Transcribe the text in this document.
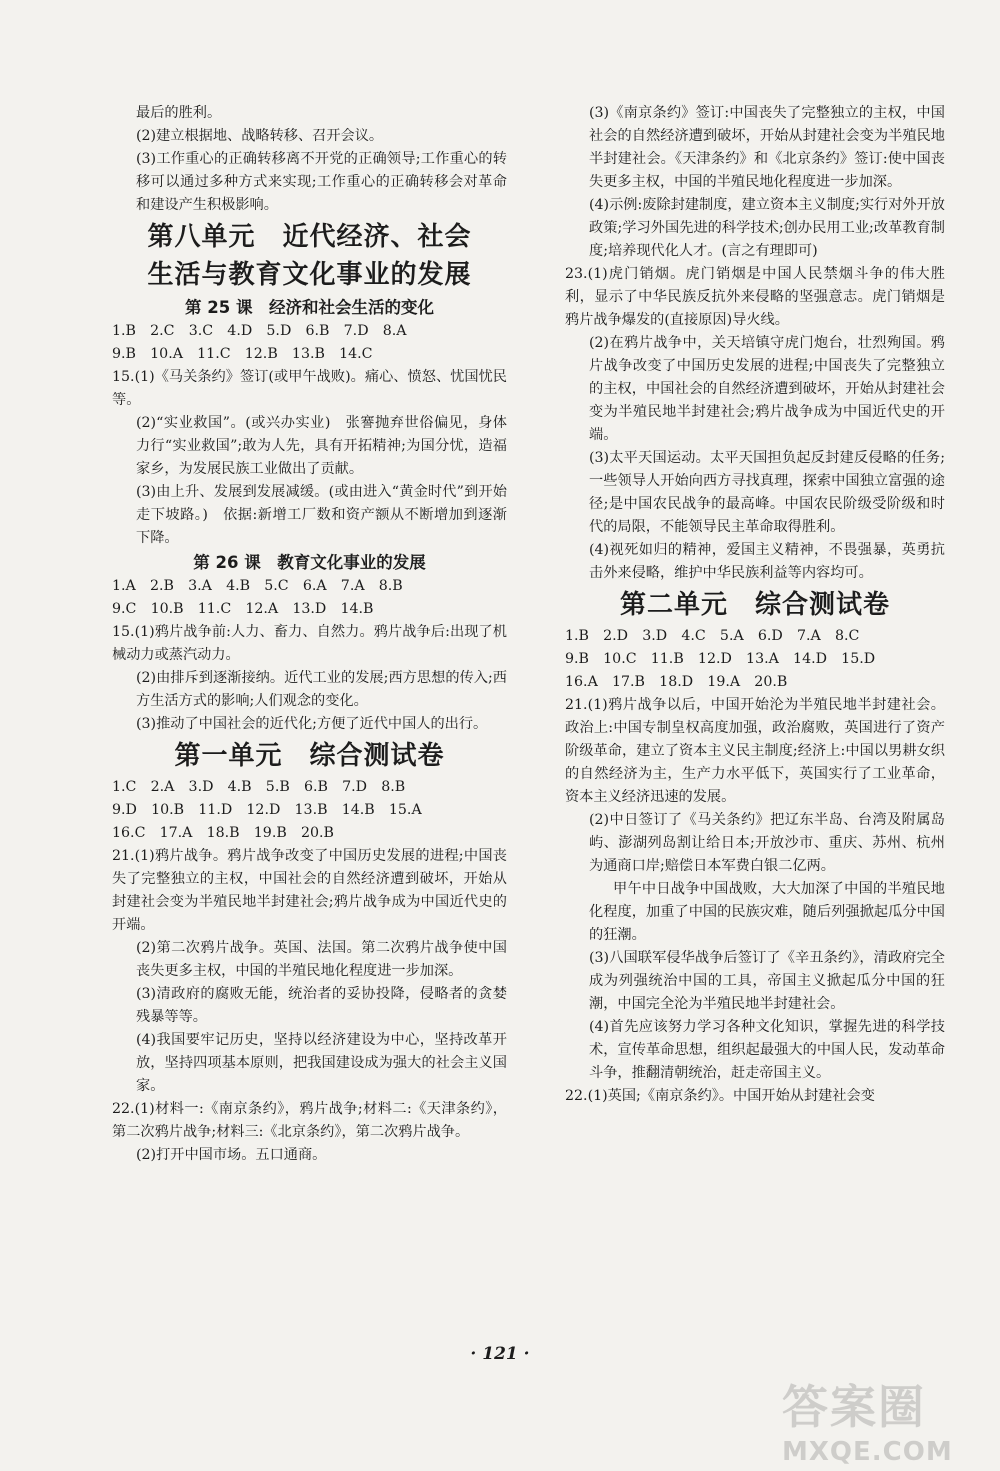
最后的胜利。

(2)建立根据地、战略转移、召开会议。

(3)工作重心的正确转移离不开党的正确领导;工作重心的转移可以通过多种方式来实现;工作重心的正确转移会对革命和建设产生积极影响。

第八单元　近代经济、社会
生活与教育文化事业的发展
第 25 课　经济和社会生活的变化

1.B　2.C　3.C　4.D　5.D　6.B　7.D　8.A

9.B　10.A　11.C　12.B　13.B　14.C

15.(1)《马关条约》签订(或甲午战败)。痛心、愤怒、忧国忧民等。

(2)“实业救国”。(或兴办实业)　张謇抛弃世俗偏见，身体力行“实业救国”;敢为人先，具有开拓精神;为国分忧，造福家乡，为发展民族工业做出了贡献。

(3)由上升、发展到发展减缓。(或由进入“黄金时代”到开始走下坡路。)　依据:新增工厂数和资产额从不断增加到逐渐下降。

第 26 课　教育文化事业的发展

1.A　2.B　3.A　4.B　5.C　6.A　7.A　8.B

9.C　10.B　11.C　12.A　13.D　14.B

15.(1)鸦片战争前:人力、畜力、自然力。鸦片战争后:出现了机械动力或蒸汽动力。

(2)由排斥到逐渐接纳。近代工业的发展;西方思想的传入;西方生活方式的影响;人们观念的变化。

(3)推动了中国社会的近代化;方便了近代中国人的出行。

第一单元　综合测试卷

1.C　2.A　3.D　4.B　5.B　6.B　7.D　8.B

9.D　10.B　11.D　12.D　13.B　14.B　15.A

16.C　17.A　18.B　19.B　20.B

21.(1)鸦片战争。鸦片战争改变了中国历史发展的进程;中国丧失了完整独立的主权，中国社会的自然经济遭到破坏，开始从封建社会变为半殖民地半封建社会;鸦片战争成为中国近代史的开端。

(2)第二次鸦片战争。英国、法国。第二次鸦片战争使中国丧失更多主权，中国的半殖民地化程度进一步加深。

(3)清政府的腐败无能，统治者的妥协投降，侵略者的贪婪残暴等等。

(4)我国要牢记历史，坚持以经济建设为中心，坚持改革开放，坚持四项基本原则，把我国建设成为强大的社会主义国家。

22.(1)材料一:《南京条约》，鸦片战争;材料二:《天津条约》，第二次鸦片战争;材料三:《北京条约》，第二次鸦片战争。

(2)打开中国市场。五口通商。

(3)《南京条约》签订:中国丧失了完整独立的主权，中国社会的自然经济遭到破坏，开始从封建社会变为半殖民地半封建社会。《天津条约》和《北京条约》签订:使中国丧失更多主权，中国的半殖民地化程度进一步加深。

(4)示例:废除封建制度，建立资本主义制度;实行对外开放政策;学习外国先进的科学技术;创办民用工业;改革教育制度;培养现代化人才。(言之有理即可)

23.(1)虎门销烟。虎门销烟是中国人民禁烟斗争的伟大胜利，显示了中华民族反抗外来侵略的坚强意志。虎门销烟是鸦片战争爆发的(直接原因)导火线。

(2)在鸦片战争中，关天培镇守虎门炮台，壮烈殉国。鸦片战争改变了中国历史发展的进程;中国丧失了完整独立的主权，中国社会的自然经济遭到破坏，开始从封建社会变为半殖民地半封建社会;鸦片战争成为中国近代史的开端。

(3)太平天国运动。太平天国担负起反封建反侵略的任务;一些领导人开始向西方寻找真理，探索中国独立富强的途径;是中国农民战争的最高峰。中国农民阶级受阶级和时代的局限，不能领导民主革命取得胜利。

(4)视死如归的精神，爱国主义精神，不畏强暴，英勇抗击外来侵略，维护中华民族利益等内容均可。

第二单元　综合测试卷

1.B　2.D　3.D　4.C　5.A　6.D　7.A　8.C

9.B　10.C　11.B　12.D　13.A　14.D　15.D

16.A　17.B　18.D　19.A　20.B

21.(1)鸦片战争以后，中国开始沦为半殖民地半封建社会。政治上:中国专制皇权高度加强，政治腐败，英国进行了资产阶级革命，建立了资本主义民主制度;经济上:中国以男耕女织的自然经济为主，生产力水平低下，英国实行了工业革命，资本主义经济迅速的发展。

(2)中日签订了《马关条约》把辽东半岛、台湾及附属岛屿、澎湖列岛割让给日本;开放沙市、重庆、苏州、杭州为通商口岸;赔偿日本军费白银二亿两。

甲午中日战争中国战败，大大加深了中国的半殖民地化程度，加重了中国的民族灾难，随后列强掀起瓜分中国的狂潮。

(3)八国联军侵华战争后签订了《辛丑条约》，清政府完全成为列强统治中国的工具，帝国主义掀起瓜分中国的狂潮，中国完全沦为半殖民地半封建社会。

(4)首先应该努力学习各种文化知识，掌握先进的科学技术，宣传革命思想，组织起最强大的中国人民，发动革命斗争，推翻清朝统治，赶走帝国主义。

22.(1)英国;《南京条约》。中国开始从封建社会变

· 121 ·
答案圈
MXQE.COM
